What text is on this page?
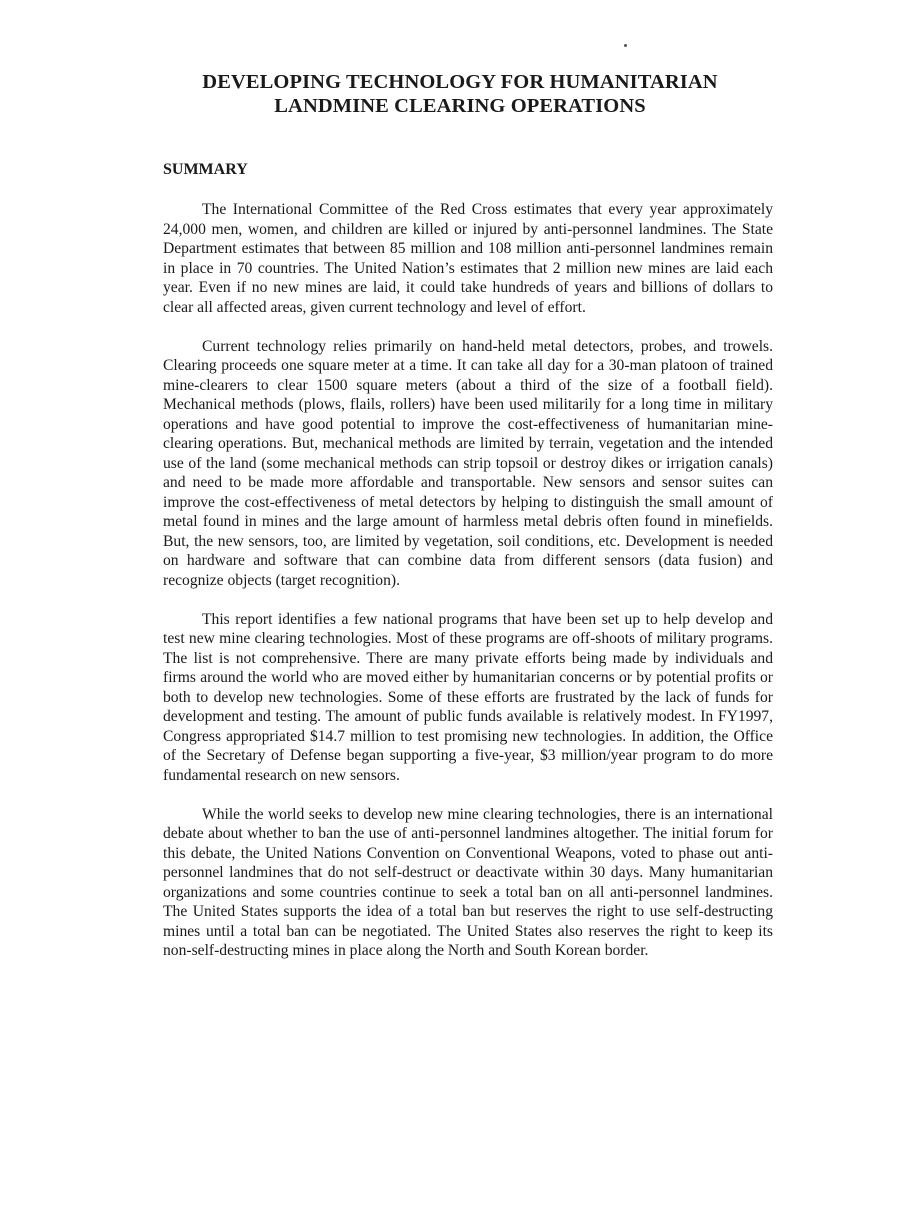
DEVELOPING TECHNOLOGY FOR HUMANITARIAN
LANDMINE CLEARING OPERATIONS
SUMMARY

The International Committee of the Red Cross estimates that every year approximately 24,000 men, women, and children are killed or injured by anti-personnel landmines. The State Department estimates that between 85 million and 108 million anti-personnel landmines remain in place in 70 countries. The United Nation’s estimates that 2 million new mines are laid each year. Even if no new mines are laid, it could take hundreds of years and billions of dollars to clear all affected areas, given current technology and level of effort.

Current technology relies primarily on hand-held metal detectors, probes, and trowels. Clearing proceeds one square meter at a time. It can take all day for a 30-man platoon of trained mine-clearers to clear 1500 square meters (about a third of the size of a football field). Mechanical methods (plows, flails, rollers) have been used militarily for a long time in military operations and have good potential to improve the cost-effectiveness of humanitarian mine-clearing operations. But, mechanical methods are limited by terrain, vegetation and the intended use of the land (some mechanical methods can strip topsoil or destroy dikes or irrigation canals) and need to be made more affordable and transportable. New sensors and sensor suites can improve the cost-effectiveness of metal detectors by helping to distinguish the small amount of metal found in mines and the large amount of harmless metal debris often found in minefields. But, the new sensors, too, are limited by vegetation, soil conditions, etc. Development is needed on hardware and software that can combine data from different sensors (data fusion) and recognize objects (target recognition).

This report identifies a few national programs that have been set up to help develop and test new mine clearing technologies. Most of these programs are off-shoots of military programs. The list is not comprehensive. There are many private efforts being made by individuals and firms around the world who are moved either by humanitarian concerns or by potential profits or both to develop new technologies. Some of these efforts are frustrated by the lack of funds for development and testing. The amount of public funds available is relatively modest. In FY1997, Congress appropriated $14.7 million to test promising new technologies. In addition, the Office of the Secretary of Defense began supporting a five-year, $3 million/year program to do more fundamental research on new sensors.

While the world seeks to develop new mine clearing technologies, there is an international debate about whether to ban the use of anti-personnel landmines altogether. The initial forum for this debate, the United Nations Convention on Conventional Weapons, voted to phase out anti-personnel landmines that do not self-destruct or deactivate within 30 days. Many humanitarian organizations and some countries continue to seek a total ban on all anti-personnel landmines. The United States supports the idea of a total ban but reserves the right to use self-destructing mines until a total ban can be negotiated. The United States also reserves the right to keep its non-self-destructing mines in place along the North and South Korean border.
